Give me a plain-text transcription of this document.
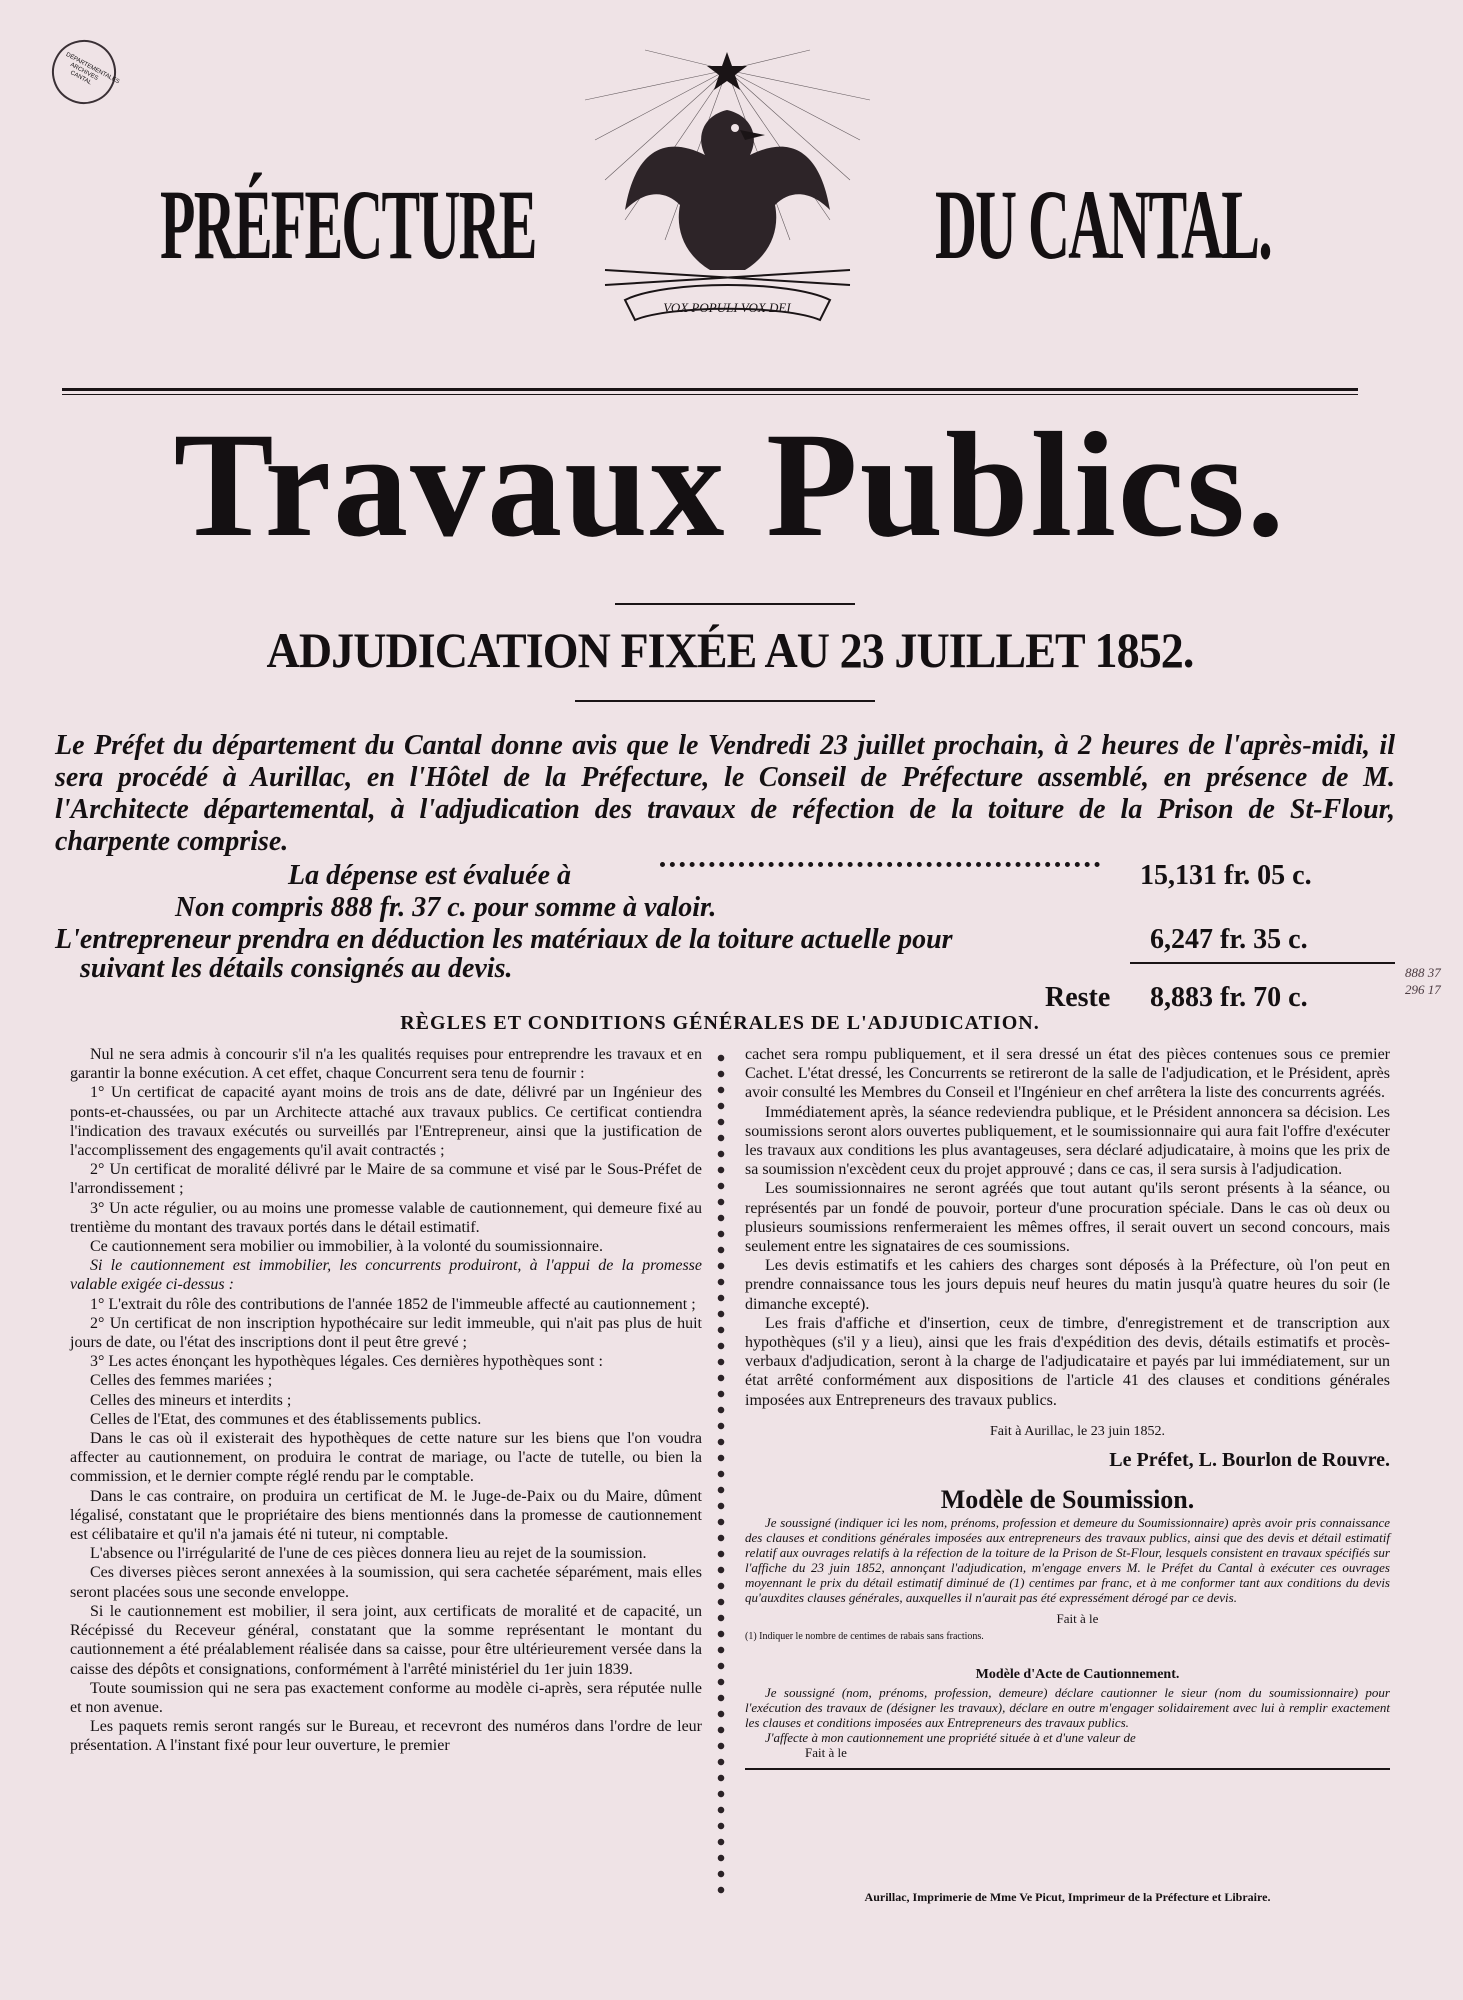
DÉPARTEMENTALES ARCHIVES CANTAL
PRÉFECTURE
VOX POPULI VOX DEI
DU CANTAL.
Travaux Publics.
ADJUDICATION FIXÉE AU 23 JUILLET 1852.
Le Préfet du département du Cantal donne avis que le Vendredi 23 juillet prochain, à 2 heures de l'après-midi, il sera procédé à Aurillac, en l'Hôtel de la Préfecture, le Conseil de Préfecture assemblé, en présence de M. l'Architecte départemental, à l'adjudication des travaux de réfection de la toiture de la Prison de St-Flour, charpente comprise.
La dépense est évaluée à	15,131 fr. 05 c.
Non compris 888 fr. 37 c. pour somme à valoir.
L'entrepreneur prendra en déduction les matériaux de la toiture actuelle pour
suivant les détails consignés au devis.
6,247 fr. 35 c.
Reste 8,883 fr. 70 c.
888 37
296 17
RÈGLES ET CONDITIONS GÉNÉRALES DE L'ADJUDICATION.

Nul ne sera admis à concourir s'il n'a les qualités requises pour entreprendre les travaux et en garantir la bonne exécution. A cet effet, chaque Concurrent sera tenu de fournir :

1° Un certificat de capacité ayant moins de trois ans de date, délivré par un Ingénieur des ponts-et-chaussées, ou par un Architecte attaché aux travaux publics. Ce certificat contiendra l'indication des travaux exécutés ou surveillés par l'Entrepreneur, ainsi que la justification de l'accomplissement des engagements qu'il avait contractés ;

2° Un certificat de moralité délivré par le Maire de sa commune et visé par le Sous-Préfet de l'arrondissement ;

3° Un acte régulier, ou au moins une promesse valable de cautionnement, qui demeure fixé au trentième du montant des travaux portés dans le détail estimatif.

Ce cautionnement sera mobilier ou immobilier, à la volonté du soumissionnaire.

Si le cautionnement est immobilier, les concurrents produiront, à l'appui de la promesse valable exigée ci-dessus :

1° L'extrait du rôle des contributions de l'année 1852 de l'immeuble affecté au cautionnement ;

2° Un certificat de non inscription hypothécaire sur ledit immeuble, qui n'ait pas plus de huit jours de date, ou l'état des inscriptions dont il peut être grevé ;

3° Les actes énonçant les hypothèques légales. Ces dernières hypothèques sont :

Celles des femmes mariées ;

Celles des mineurs et interdits ;

Celles de l'Etat, des communes et des établissements publics.

Dans le cas où il existerait des hypothèques de cette nature sur les biens que l'on voudra affecter au cautionnement, on produira le contrat de mariage, ou l'acte de tutelle, ou bien la commission, et le dernier compte réglé rendu par le comptable.

Dans le cas contraire, on produira un certificat de M. le Juge-de-Paix ou du Maire, dûment légalisé, constatant que le propriétaire des biens mentionnés dans la promesse de cautionnement est célibataire et qu'il n'a jamais été ni tuteur, ni comptable.

L'absence ou l'irrégularité de l'une de ces pièces donnera lieu au rejet de la soumission.

Ces diverses pièces seront annexées à la soumission, qui sera cachetée séparément, mais elles seront placées sous une seconde enveloppe.

Si le cautionnement est mobilier, il sera joint, aux certificats de moralité et de capacité, un Récépissé du Receveur général, constatant que la somme représentant le montant du cautionnement a été préalablement réalisée dans sa caisse, pour être ultérieurement versée dans la caisse des dépôts et consignations, conformément à l'arrêté ministériel du 1er juin 1839.

Toute soumission qui ne sera pas exactement conforme au modèle ci-après, sera réputée nulle et non avenue.

Les paquets remis seront rangés sur le Bureau, et recevront des numéros dans l'ordre de leur présentation. A l'instant fixé pour leur ouverture, le premier

cachet sera rompu publiquement, et il sera dressé un état des pièces contenues sous ce premier Cachet. L'état dressé, les Concurrents se retireront de la salle de l'adjudication, et le Président, après avoir consulté les Membres du Conseil et l'Ingénieur en chef arrêtera la liste des concurrents agréés.

Immédiatement après, la séance redeviendra publique, et le Président annoncera sa décision. Les soumissions seront alors ouvertes publiquement, et le soumissionnaire qui aura fait l'offre d'exécuter les travaux aux conditions les plus avantageuses, sera déclaré adjudicataire, à moins que les prix de sa soumission n'excèdent ceux du projet approuvé ; dans ce cas, il sera sursis à l'adjudication.

Les soumissionnaires ne seront agréés que tout autant qu'ils seront présents à la séance, ou représentés par un fondé de pouvoir, porteur d'une procuration spéciale. Dans le cas où deux ou plusieurs soumissions renfermeraient les mêmes offres, il serait ouvert un second concours, mais seulement entre les signataires de ces soumissions.

Les devis estimatifs et les cahiers des charges sont déposés à la Préfecture, où l'on peut en prendre connaissance tous les jours depuis neuf heures du matin jusqu'à quatre heures du soir (le dimanche excepté).

Les frais d'affiche et d'insertion, ceux de timbre, d'enregistrement et de transcription aux hypothèques (s'il y a lieu), ainsi que les frais d'expédition des devis, détails estimatifs et procès-verbaux d'adjudication, seront à la charge de l'adjudicataire et payés par lui immédiatement, sur un état arrêté conformément aux dispositions de l'article 41 des clauses et conditions générales imposées aux Entrepreneurs des travaux publics.

Fait à Aurillac, le 23 juin 1852.

Le Préfet, L. Bourlon de Rouvre.

Modèle de Soumission.

Je soussigné (indiquer ici les nom, prénoms, profession et demeure du Soumissionnaire) après avoir pris connaissance des clauses et conditions générales imposées aux entrepreneurs des travaux publics, ainsi que des devis et détail estimatif relatif aux ouvrages relatifs à la réfection de la toiture de la Prison de St-Flour, lesquels consistent en travaux spécifiés sur l'affiche du 23 juin 1852, annonçant l'adjudication, m'engage envers M. le Préfet du Cantal à exécuter ces ouvrages moyennant le prix du détail estimatif diminué de (1) centimes par franc, et à me conformer tant aux conditions du devis qu'auxdites clauses générales, auxquelles il n'aurait pas été expressément dérogé par ce devis.

Fait à le

(1) Indiquer le nombre de centimes de rabais sans fractions.

Modèle d'Acte de Cautionnement.

Je soussigné (nom, prénoms, profession, demeure) déclare cautionner le sieur (nom du soumissionnaire) pour l'exécution des travaux de (désigner les travaux), déclare en outre m'engager solidairement avec lui à remplir exactement les clauses et conditions imposées aux Entrepreneurs des travaux publics.

J'affecte à mon cautionnement une propriété située à et d'une valeur de

Fait à le

Aurillac, Imprimerie de Mme Ve Picut, Imprimeur de la Préfecture et Libraire.
